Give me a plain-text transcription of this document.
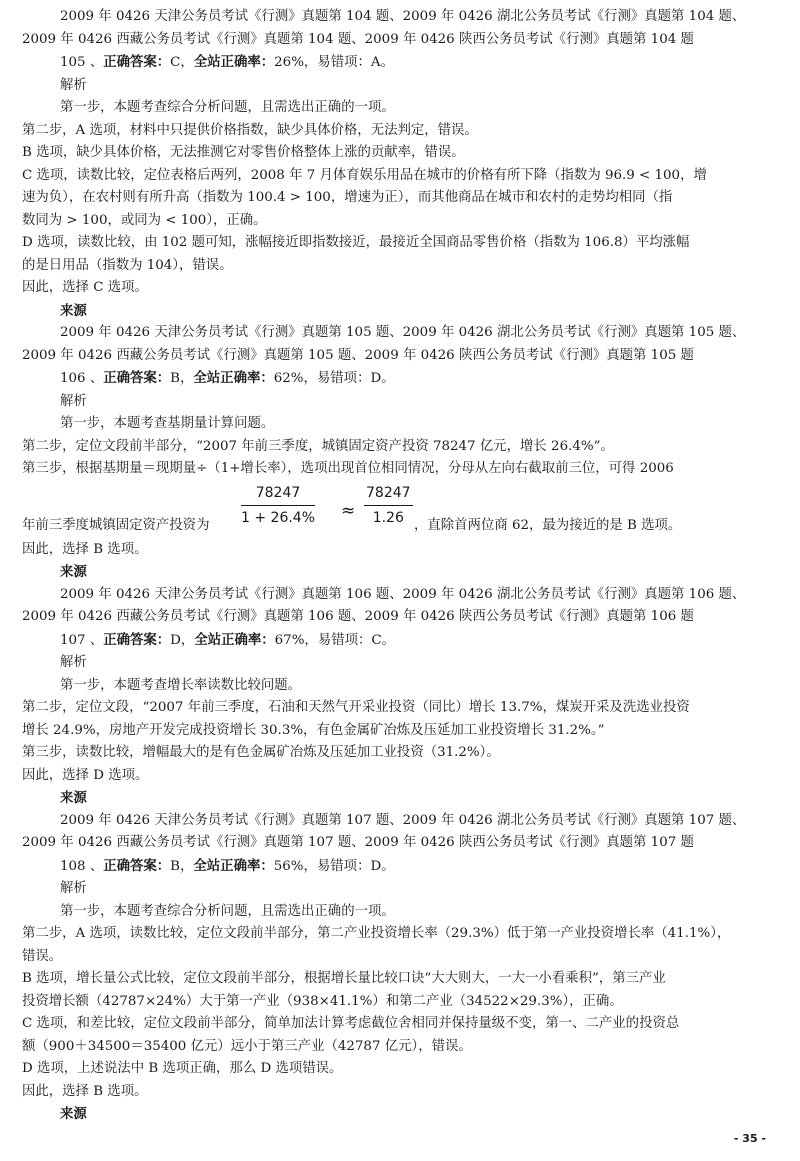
2009 年 0426 天津公务员考试《行测》真题第 104 题、2009 年 0426 湖北公务员考试《行测》真题第 104 题、

2009 年 0426 西藏公务员考试《行测》真题第 104 题、2009 年 0426 陕西公务员考试《行测》真题第 104 题

105 、正确答案：C，全站正确率：26%，易错项：A。

解析

第一步，本题考查综合分析问题，且需选出正确的一项。

第二步，A 选项，材料中只提供价格指数，缺少具体价格，无法判定，错误。

B 选项，缺少具体价格，无法推测它对零售价格整体上涨的贡献率，错误。

C 选项，读数比较，定位表格后两列，2008 年 7 月体育娱乐用品在城市的价格有所下降（指数为 96.9 < 100，增

速为负），在农村则有所升高（指数为 100.4 > 100，增速为正），而其他商品在城市和农村的走势均相同（指

数同为 > 100，或同为 < 100），正确。

D 选项，读数比较，由 102 题可知，涨幅接近即指数接近，最接近全国商品零售价格（指数为 106.8）平均涨幅

的是日用品（指数为 104），错误。

因此，选择 C 选项。

来源

2009 年 0426 天津公务员考试《行测》真题第 105 题、2009 年 0426 湖北公务员考试《行测》真题第 105 题、

2009 年 0426 西藏公务员考试《行测》真题第 105 题、2009 年 0426 陕西公务员考试《行测》真题第 105 题

106 、正确答案：B，全站正确率：62%，易错项：D。

解析

第一步，本题考查基期量计算问题。

第二步，定位文段前半部分，“2007 年前三季度，城镇固定资产投资 78247 亿元，增长 26.4%”。

第三步，根据基期量＝现期量÷（1+增长率），选项出现首位相同情况，分母从左向右截取前三位，可得 2006

年前三季度城镇固定资产投资为 $\frac{78247}{1 + 26.4\%} \approx \frac{78247}{1.26}$ ，直除首两位商 62，最为接近的是 B 选项。

因此，选择 B 选项。

来源

2009 年 0426 天津公务员考试《行测》真题第 106 题、2009 年 0426 湖北公务员考试《行测》真题第 106 题、

2009 年 0426 西藏公务员考试《行测》真题第 106 题、2009 年 0426 陕西公务员考试《行测》真题第 106 题

107 、正确答案：D，全站正确率：67%，易错项：C。

解析

第一步，本题考查增长率读数比较问题。

第二步，定位文段，“2007 年前三季度，石油和天然气开采业投资（同比）增长 13.7%，煤炭开采及洗选业投资

增长 24.9%，房地产开发完成投资增长 30.3%，有色金属矿冶炼及压延加工业投资增长 31.2%。”

第三步，读数比较，增幅最大的是有色金属矿冶炼及压延加工业投资（31.2%）。

因此，选择 D 选项。

来源

2009 年 0426 天津公务员考试《行测》真题第 107 题、2009 年 0426 湖北公务员考试《行测》真题第 107 题、

2009 年 0426 西藏公务员考试《行测》真题第 107 题、2009 年 0426 陕西公务员考试《行测》真题第 107 题

108 、正确答案：B，全站正确率：56%，易错项：D。

解析

第一步，本题考查综合分析问题，且需选出正确的一项。

第二步，A 选项，读数比较，定位文段前半部分，第二产业投资增长率（29.3%）低于第一产业投资增长率（41.1%），

错误。

B 选项，增长量公式比较，定位文段前半部分，根据增长量比较口诀“大大则大，一大一小看乘积”，第三产业

投资增长额（42787×24%）大于第一产业（938×41.1%）和第二产业（34522×29.3%），正确。

C 选项，和差比较，定位文段前半部分，简单加法计算考虑截位舍相同并保持量级不变，第一、二产业的投资总

额（900＋34500＝35400 亿元）远小于第三产业（42787 亿元），错误。

D 选项，上述说法中 B 选项正确，那么 D 选项错误。

因此，选择 B 选项。

来源

- 35 -
